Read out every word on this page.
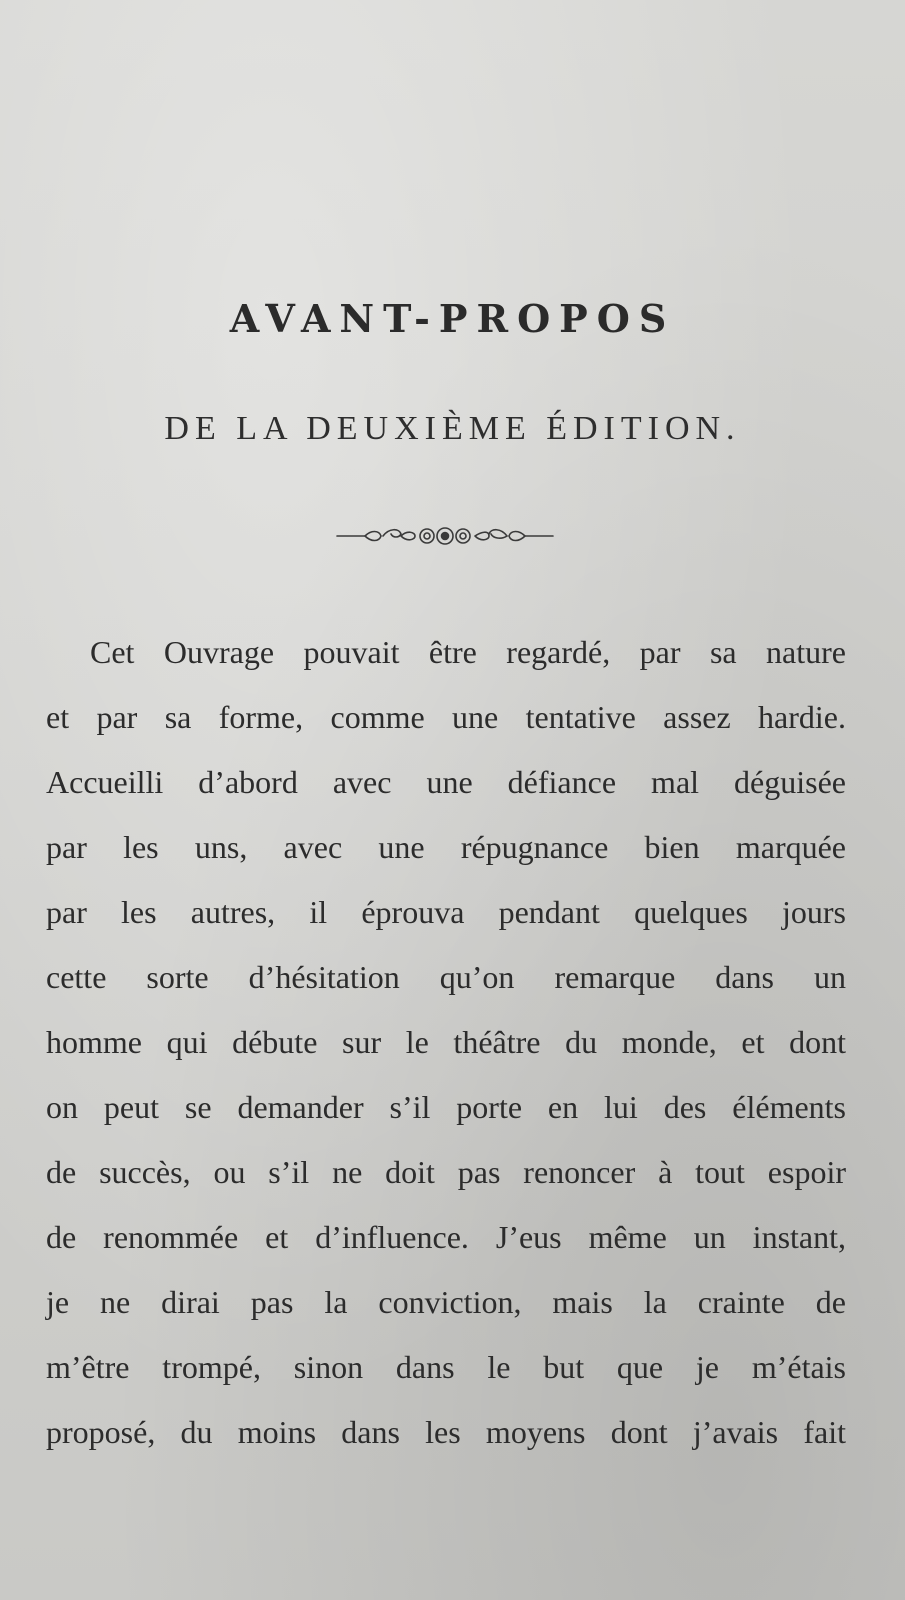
AVANT-PROPOS
DE LA DEUXIÈME ÉDITION.
Cet Ouvrage pouvait être regardé, par sa nature
et par sa forme, comme une tentative assez hardie.
Accueilli d’abord avec une défiance mal déguisée
par les uns, avec une répugnance bien marquée
par les autres, il éprouva pendant quelques jours
cette sorte d’hésitation qu’on remarque dans un
homme qui débute sur le théâtre du monde, et dont
on peut se demander s’il porte en lui des éléments
de succès, ou s’il ne doit pas renoncer à tout espoir
de renommée et d’influence. J’eus même un instant,
je ne dirai pas la conviction, mais la crainte de
m’être trompé, sinon dans le but que je m’étais
proposé, du moins dans les moyens dont j’avais fait
